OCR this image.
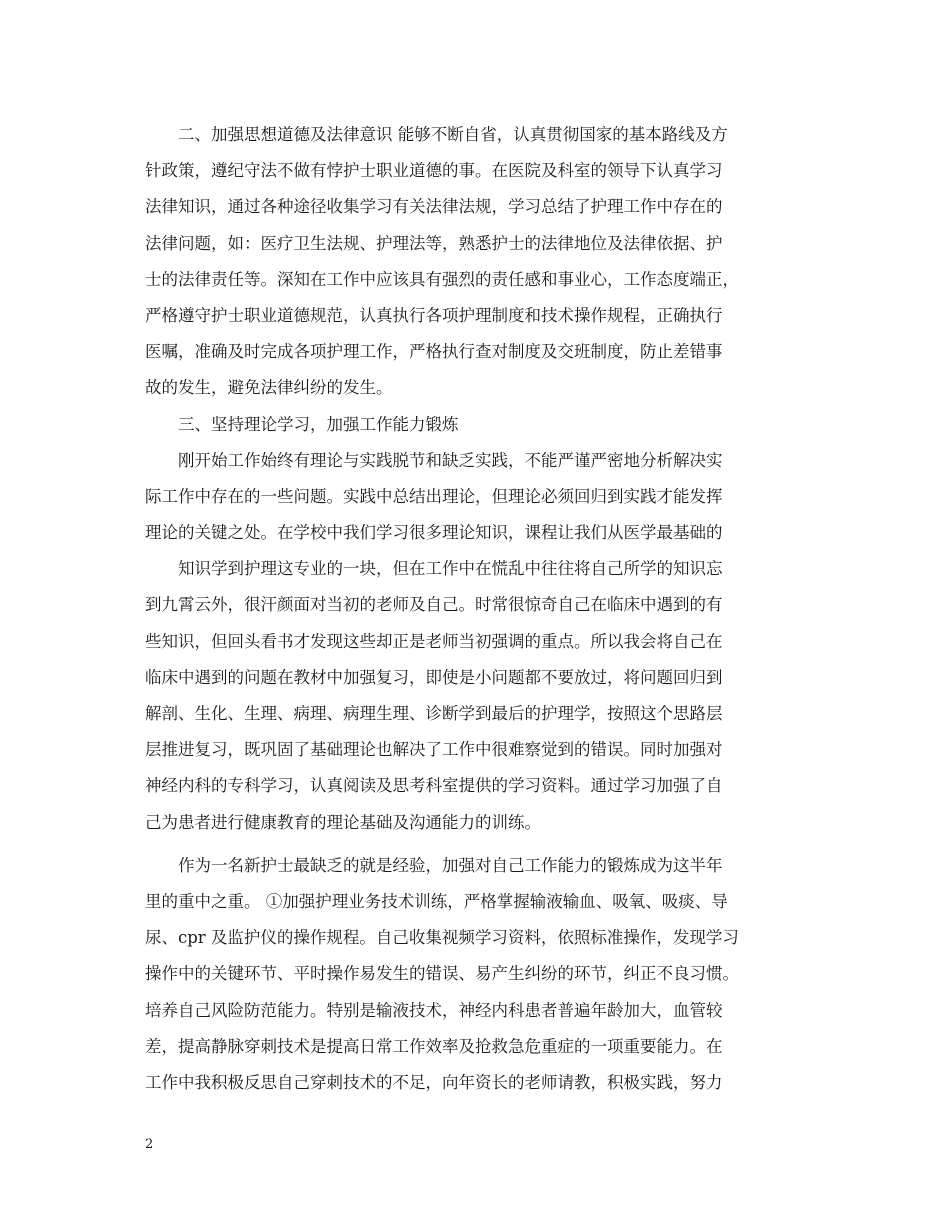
二、加强思想道德及法律意识 能够不断自省，认真贯彻国家的基本路线及方
针政策，遵纪守法不做有悖护士职业道德的事。在医院及科室的领导下认真学习
法律知识，通过各种途径收集学习有关法律法规，学习总结了护理工作中存在的
法律问题，如：医疗卫生法规、护理法等，熟悉护士的法律地位及法律依据、护
士的法律责任等。深知在工作中应该具有强烈的责任感和事业心，工作态度端正，
严格遵守护士职业道德规范，认真执行各项护理制度和技术操作规程，正确执行
医嘱，准确及时完成各项护理工作，严格执行查对制度及交班制度，防止差错事
故的发生，避免法律纠纷的发生。
三、坚持理论学习，加强工作能力锻炼
刚开始工作始终有理论与实践脱节和缺乏实践，不能严谨严密地分析解决实
际工作中存在的一些问题。实践中总结出理论，但理论必须回归到实践才能发挥
理论的关键之处。在学校中我们学习很多理论知识，课程让我们从医学最基础的
知识学到护理这专业的一块，但在工作中在慌乱中往往将自己所学的知识忘
到九霄云外，很汗颜面对当初的老师及自己。时常很惊奇自己在临床中遇到的有
些知识，但回头看书才发现这些却正是老师当初强调的重点。所以我会将自己在
临床中遇到的问题在教材中加强复习，即使是小问题都不要放过，将问题回归到
解剖、生化、生理、病理、病理生理、诊断学到最后的护理学，按照这个思路层
层推进复习，既巩固了基础理论也解决了工作中很难察觉到的错误。同时加强对
神经内科的专科学习，认真阅读及思考科室提供的学习资料。通过学习加强了自
己为患者进行健康教育的理论基础及沟通能力的训练。
作为一名新护士最缺乏的就是经验，加强对自己工作能力的锻炼成为这半年
里的重中之重。 ①加强护理业务技术训练，严格掌握输液输血、吸氧、吸痰、导
尿、cpr 及监护仪的操作规程。自己收集视频学习资料，依照标准操作，发现学习
操作中的关键环节、平时操作易发生的错误、易产生纠纷的环节，纠正不良习惯。
培养自己风险防范能力。特别是输液技术，神经内科患者普遍年龄加大，血管较
差，提高静脉穿刺技术是提高日常工作效率及抢救急危重症的一项重要能力。在
工作中我积极反思自己穿刺技术的不足，向年资长的老师请教，积极实践，努力
2
